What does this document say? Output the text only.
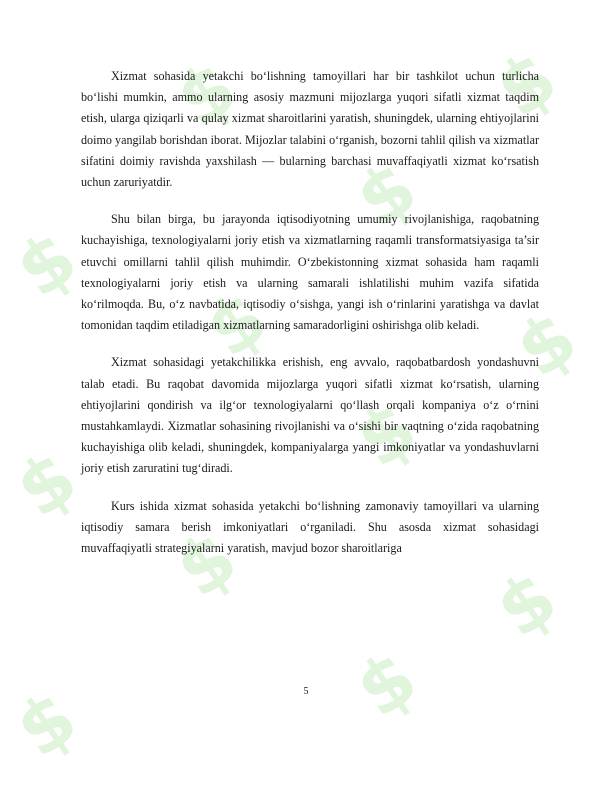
$
$
$
$
$
$
$
$
$
$
$
$

Xizmat sohasida yetakchi bo‘lishning tamoyillari har bir tashkilot uchun turlicha bo‘lishi mumkin, ammo ularning asosiy mazmuni mijozlarga yuqori sifatli xizmat taqdim etish, ularga qiziqarli va qulay xizmat sharoitlarini yaratish, shuningdek, ularning ehtiyojlarini doimo yangilab borishdan iborat. Mijozlar talabini o‘rganish, bozorni tahlil qilish va xizmatlar sifatini doimiy ravishda yaxshilash — bularning barchasi muvaffaqiyatli xizmat ko‘rsatish uchun zaruriyatdir.

Shu bilan birga, bu jarayonda iqtisodiyotning umumiy rivojlanishiga, raqobatning kuchayishiga, texnologiyalarni joriy etish va xizmatlarning raqamli transformatsiyasiga ta’sir etuvchi omillarni tahlil qilish muhimdir. O‘zbekistonning xizmat sohasida ham raqamli texnologiyalarni joriy etish va ularning samarali ishlatilishi muhim vazifa sifatida ko‘rilmoqda. Bu, o‘z navbatida, iqtisodiy o‘sishga, yangi ish o‘rinlarini yaratishga va davlat tomonidan taqdim etiladigan xizmatlarning samaradorligini oshirishga olib keladi.

Xizmat sohasidagi yetakchilikka erishish, eng avvalo, raqobatbardosh yondashuvni talab etadi. Bu raqobat davomida mijozlarga yuqori sifatli xizmat ko‘rsatish, ularning ehtiyojlarini qondirish va ilg‘or texnologiyalarni qo‘llash orqali kompaniya o‘z o‘rnini mustahkamlaydi. Xizmatlar sohasining rivojlanishi va o‘sishi bir vaqtning o‘zida raqobatning kuchayishiga olib keladi, shuningdek, kompaniyalarga yangi imkoniyatlar va yondashuvlarni joriy etish zaruratini tug‘diradi.

Kurs ishida xizmat sohasida yetakchi bo‘lishning zamonaviy tamoyillari va ularning iqtisodiy samara berish imkoniyatlari o‘rganiladi. Shu asosda xizmat sohasidagi muvaffaqiyatli strategiyalarni yaratish, mavjud bozor sharoitlariga

5
